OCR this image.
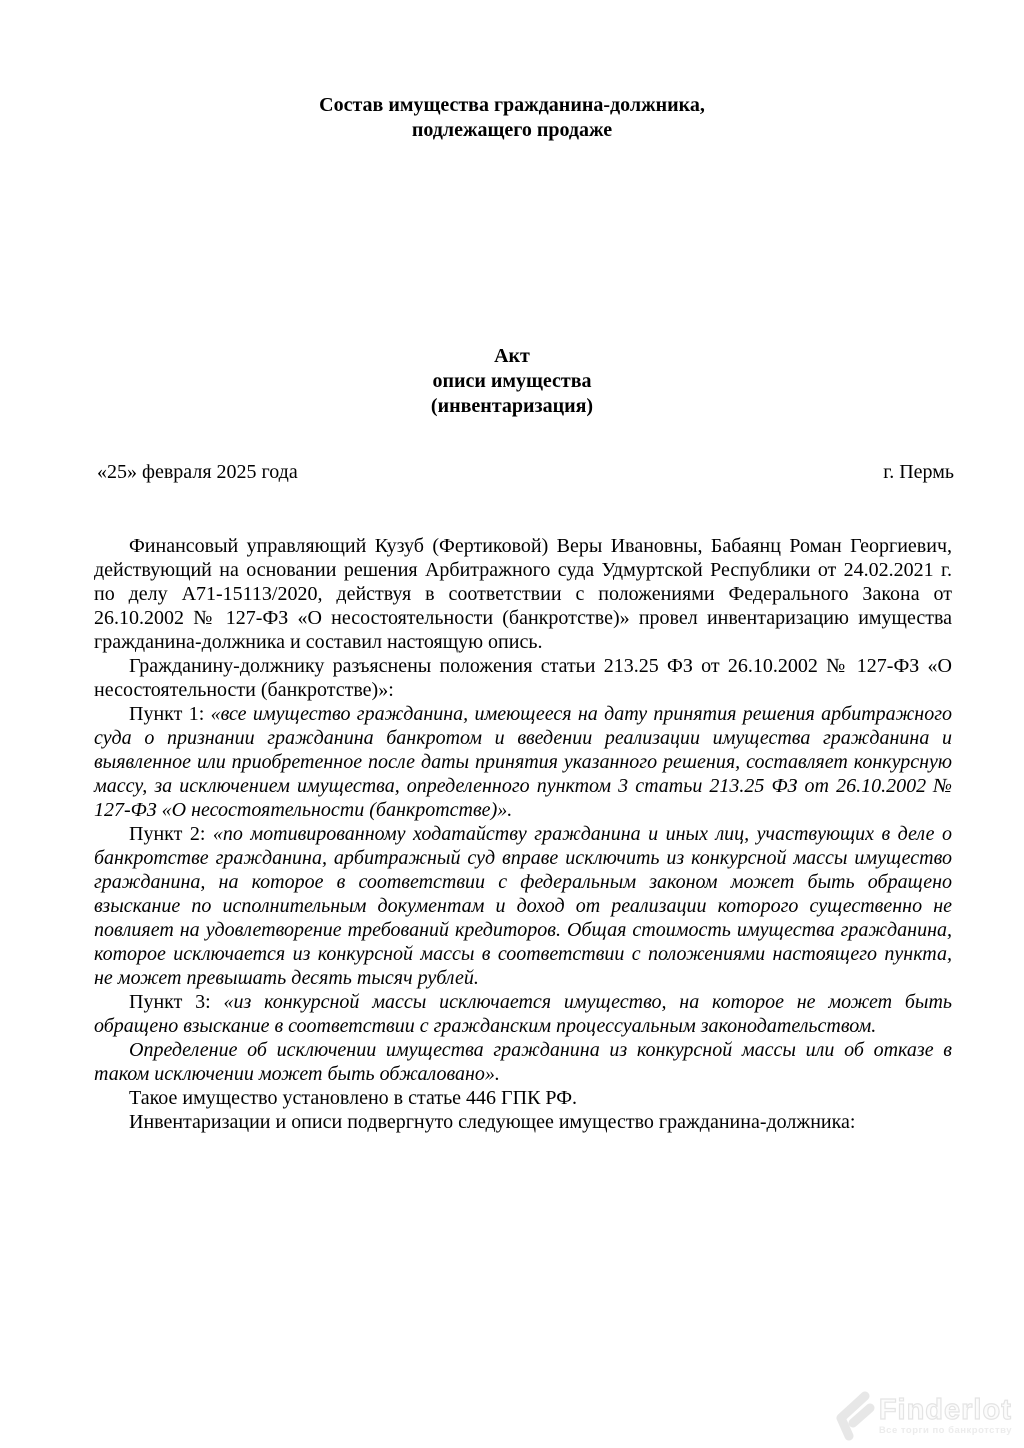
Состав имущества гражданина-должника,
подлежащего продаже
Акт
описи имущества
(инвентаризация)
«25» февраля 2025 года	г. Пермь

Финансовый управляющий Кузуб (Фертиковой) Веры Ивановны, Бабаянц Роман Георгиевич, действующий на основании решения Арбитражного суда Удмуртской Республики от 24.02.2021 г. по делу А71-15113/2020, действуя в соответствии с положениями Федерального Закона от 26.10.2002 № 127-ФЗ «О несостоятельности (банкротстве)» провел инвентаризацию имущества гражданина-должника и составил настоящую опись.

Гражданину-должнику разъяснены положения статьи 213.25 ФЗ от 26.10.2002 № 127-ФЗ «О несостоятельности (банкротстве)»:

Пункт 1: «все имущество гражданина, имеющееся на дату принятия решения арбитражного суда о признании гражданина банкротом и введении реализации имущества гражданина и выявленное или приобретенное после даты принятия указанного решения, составляет конкурсную массу, за исключением имущества, определенного пунктом 3 статьи 213.25 ФЗ от 26.10.2002 № 127-ФЗ «О несостоятельности (банкротстве)».

Пункт 2: «по мотивированному ходатайству гражданина и иных лиц, участвующих в деле о банкротстве гражданина, арбитражный суд вправе исключить из конкурсной массы имущество гражданина, на которое в соответствии с федеральным законом может быть обращено взыскание по исполнительным документам и доход от реализации которого существенно не повлияет на удовлетворение требований кредиторов. Общая стоимость имущества гражданина, которое исключается из конкурсной массы в соответствии с положениями настоящего пункта, не может превышать десять тысяч рублей.

Пункт 3: «из конкурсной массы исключается имущество, на которое не может быть обращено взыскание в соответствии с гражданским процессуальным законодательством.

Определение об исключении имущества гражданина из конкурсной массы или об отказе в таком исключении может быть обжаловано».

Такое имущество установлено в статье 446 ГПК РФ.

Инвентаризации и описи подвергнуто следующее имущество гражданина-должника:

Finderlot
Все торги по банкротству
